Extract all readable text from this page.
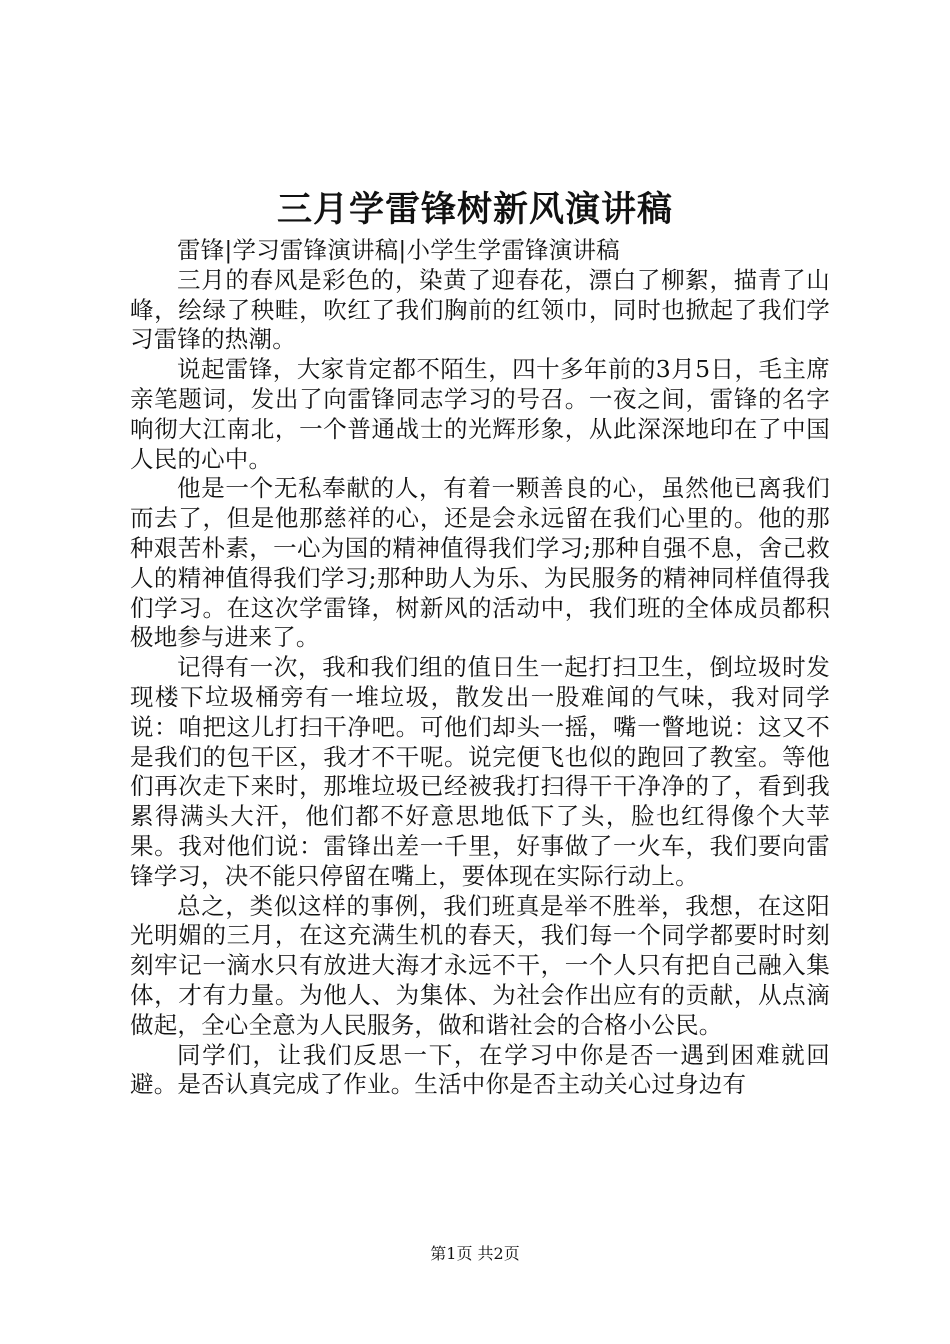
三月学雷锋树新风演讲稿

雷锋|学习雷锋演讲稿|小学生学雷锋演讲稿

三月的春风是彩色的，染黄了迎春花，漂白了柳絮，描青了山峰，绘绿了秧畦，吹红了我们胸前的红领巾，同时也掀起了我们学习雷锋的热潮。

说起雷锋，大家肯定都不陌生，四十多年前的3月5日，毛主席亲笔题词，发出了向雷锋同志学习的号召。一夜之间，雷锋的名字响彻大江南北，一个普通战士的光辉形象，从此深深地印在了中国人民的心中。

他是一个无私奉献的人，有着一颗善良的心，虽然他已离我们而去了，但是他那慈祥的心，还是会永远留在我们心里的。他的那种艰苦朴素，一心为国的精神值得我们学习;那种自强不息，舍己救人的精神值得我们学习;那种助人为乐、为民服务的精神同样值得我们学习。在这次学雷锋，树新风的活动中，我们班的全体成员都积极地参与进来了。

记得有一次，我和我们组的值日生一起打扫卫生，倒垃圾时发现楼下垃圾桶旁有一堆垃圾，散发出一股难闻的气味，我对同学说：咱把这儿打扫干净吧。可他们却头一摇，嘴一瞥地说：这又不是我们的包干区，我才不干呢。说完便飞也似的跑回了教室。等他们再次走下来时，那堆垃圾已经被我打扫得干干净净的了，看到我累得满头大汗，他们都不好意思地低下了头，脸也红得像个大苹果。我对他们说：雷锋出差一千里，好事做了一火车，我们要向雷锋学习，决不能只停留在嘴上，要体现在实际行动上。

总之，类似这样的事例，我们班真是举不胜举，我想，在这阳光明媚的三月，在这充满生机的春天，我们每一个同学都要时时刻刻牢记一滴水只有放进大海才永远不干，一个人只有把自己融入集体，才有力量。为他人、为集体、为社会作出应有的贡献，从点滴做起，全心全意为人民服务，做和谐社会的合格小公民。

同学们，让我们反思一下，在学习中你是否一遇到困难就回避。是否认真完成了作业。生活中你是否主动关心过身边有

第1页 共2页
